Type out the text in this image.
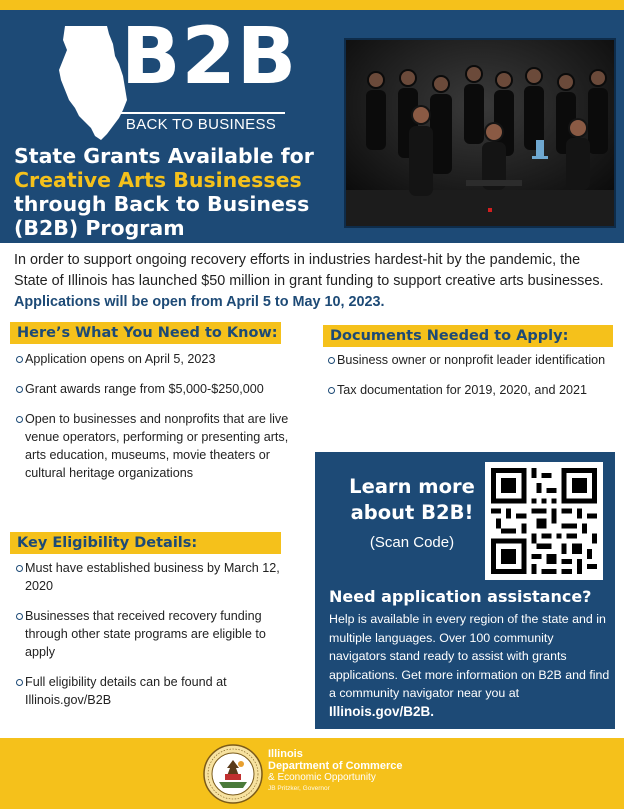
B2B
BACK TO BUSINESS
State Grants Available for
Creative Arts Businesses
through Back to Business
(B2B) Program
In order to support ongoing recovery efforts in industries hardest-hit by the pandemic, the State of Illinois has launched $50 million in grant funding to support creative arts businesses. Applications will be open from April 5 to May 10, 2023.
Here’s What You Need to Know:
Application opens on April 5, 2023
Grant awards range from $5,000-$250,000
Open to businesses and nonprofits that are live venue operators, performing or presenting arts, arts education, museums, movie theaters or cultural heritage organizations
Key Eligibility Details:
Must have established business by March 12, 2020
Businesses that received recovery funding through other state programs are eligible to apply
Full eligibility details can be found at Illinois.gov/B2B
Documents Needed to Apply:
Business owner or nonprofit leader identification
Tax documentation for 2019, 2020, and 2021
Learn more
about B2B!
(Scan Code)
Need application assistance?
Help is available in every region of the state and in multiple languages. Over 100 community navigators stand ready to assist with grants applications. Get more information on B2B and find a community navigator near you at Illinois.gov/B2B.
Illinois
Department of Commerce
& Economic Opportunity
JB Pritzker, Governor
